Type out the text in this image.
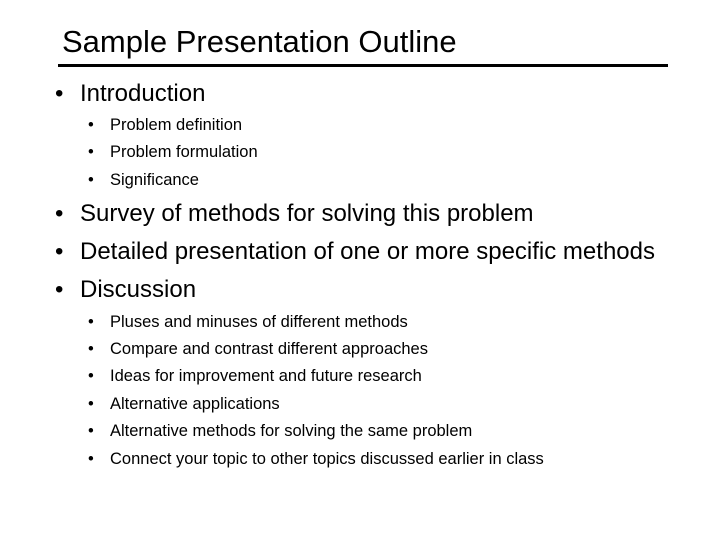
Sample Presentation Outline
• Introduction
• Problem definition
• Problem formulation
• Significance
• Survey of methods for solving this problem
• Detailed presentation of one or more specific methods
• Discussion
• Pluses and minuses of different methods
• Compare and contrast different approaches
• Ideas for improvement and future research
• Alternative applications
• Alternative methods for solving the same problem
• Connect your topic to other topics discussed earlier in class
